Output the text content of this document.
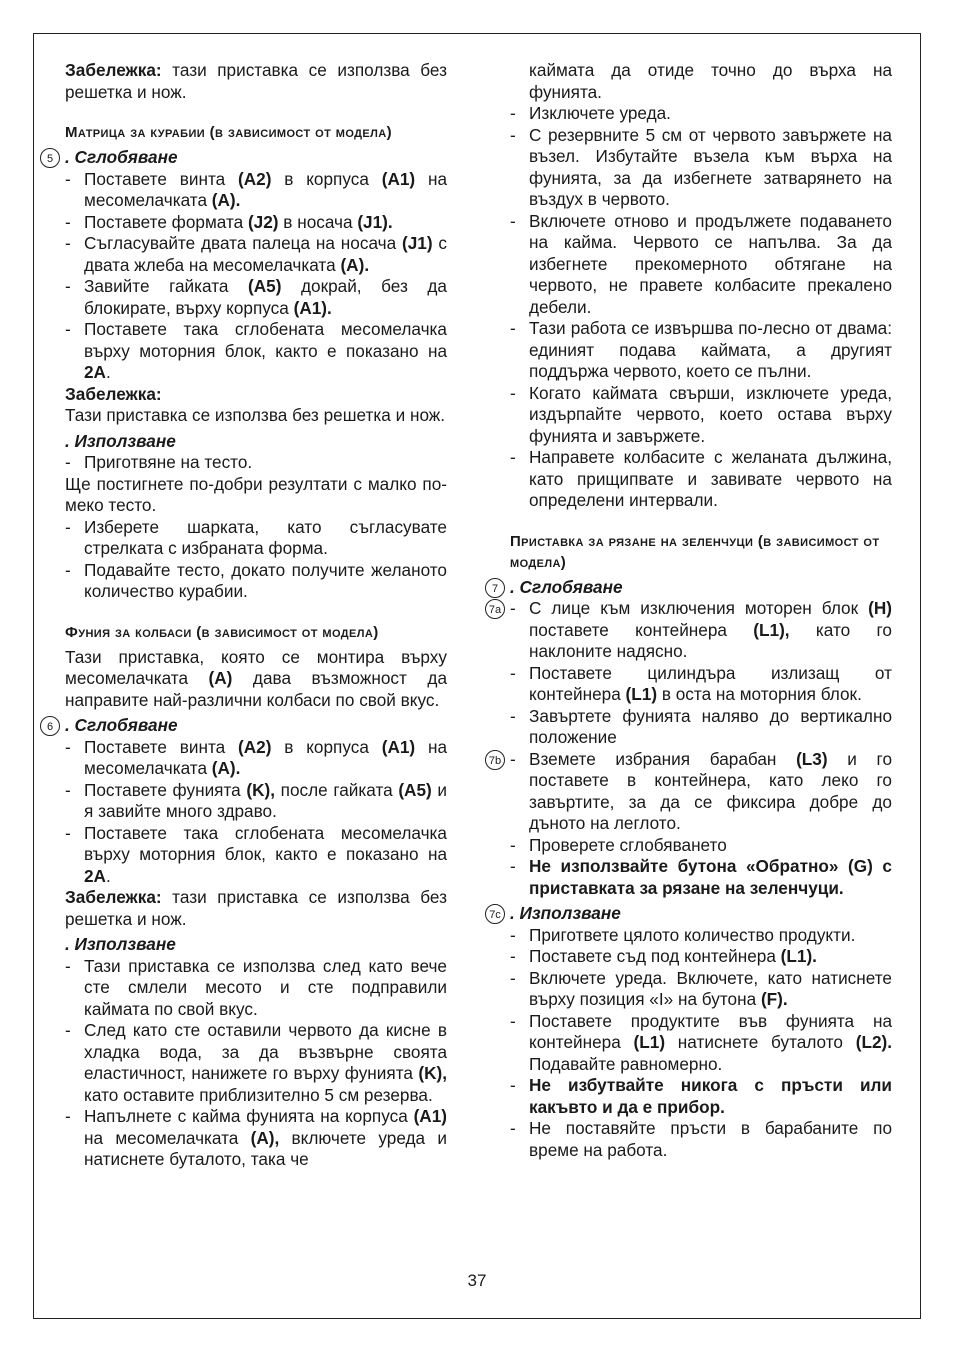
Забележка: тази приставка се използва без решетка и нож.

Матрица за курабии (в зависимост от модела)
5 . Сглобяване
- Поставете винта (A2) в корпуса (A1) на месомелачката (A).
- Поставете формата (J2) в носача (J1).
- Съгласувайте двата палеца на носача (J1) с двата жлеба на месомелачката (A).
- Завийте гайката (A5) докрай, без да блокирате, върху корпуса (A1).
- Поставете така сглобената месомелачка върху моторния блок, както е показано на 2A.

Забележка:

Тази приставка се използва без решетка и нож.

. Използване
- Приготвяне на тесто.

Ще постигнете по-добри резултати с малко по-меко тесто.

- Изберете шарката, като съгласувате стрелката с избраната форма.
- Подавайте тесто, докато получите желаното количество курабии.
Фуния за колбаси (в зависимост от модела)

Тази приставка, която се монтира върху месомелачката (A) дава възможност да направите най-различни колбаси по свой вкус.

6 . Сглобяване
- Поставете винта (A2) в корпуса (A1) на месомелачката (A).
- Поставете фунията (K), после гайката (A5) и я завийте много здраво.
- Поставете така сглобената месомелачка върху моторния блок, както е показано на 2A.

Забележка: тази приставка се използва без решетка и нож.

. Използване
- Тази приставка се използва след като вече сте смлели месото и сте подправили каймата по свой вкус.
- След като сте оставили червото да киснe в хладка вода, за да възвърне своята еластичност, нанижете го върху фунията (K), като оставите приблизително 5 см резерва.
- Напълнете с кайма фунията на корпуса (A1) на месомелачката (A), включете уреда и натиснете буталото, така че

каймата да отиде точно до върха на фунията.

- Изключете уреда.
- С резервните 5 см от червото завържете на възел. Избутайте възела към върха на фунията, за да избегнете затварянето на въздух в червото.
- Включете отново и продължете подаването на кайма. Червото се напълва. За да избегнете прекомерното обтягане на червото, не правете колбасите прекалено дебели.
- Тази работа се извършва по-лесно от двама: единият подава каймата, а другият поддържа червото, което се пълни.
- Когато каймата свърши, изключете уреда, издърпайте червото, което остава върху фунията и завържете.
- Направете колбасите с желаната дължина, като прищипвате и завивате червото на определени интервали.
Приставка за рязане на зеленчуци (в зависимост от модела)
7 . Сглобяване
7a - С лице към изключения моторен блок (H) поставете контейнера (L1), като го наклоните надясно.
- Поставете цилиндъра излизащ от контейнера (L1) в оста на моторния блок.
- Завъртете фунията наляво до вертикално положение
7b - Вземете избрания барабан (L3) и го поставете в контейнера, като леко го завъртите, за да се фиксира добре до дъното на леглото.
- Проверете сглобяването
- Не използвайте бутона «Обратно» (G) с приставката за рязане на зеленчуци.
7c . Използване
- Пригответе цялото количество продукти.
- Поставете съд под контейнера (L1).
- Включете уреда. Включете, като натиснете върху позиция «I» на бутона (F).
- Поставете продуктите във фунията на контейнера (L1) натиснете буталото (L2). Подавайте равномерно.
- Не избутвайте никога с пръсти или какъвто и да е прибор.
- Не поставяйте пръсти в барабаните по време на работа.
37
